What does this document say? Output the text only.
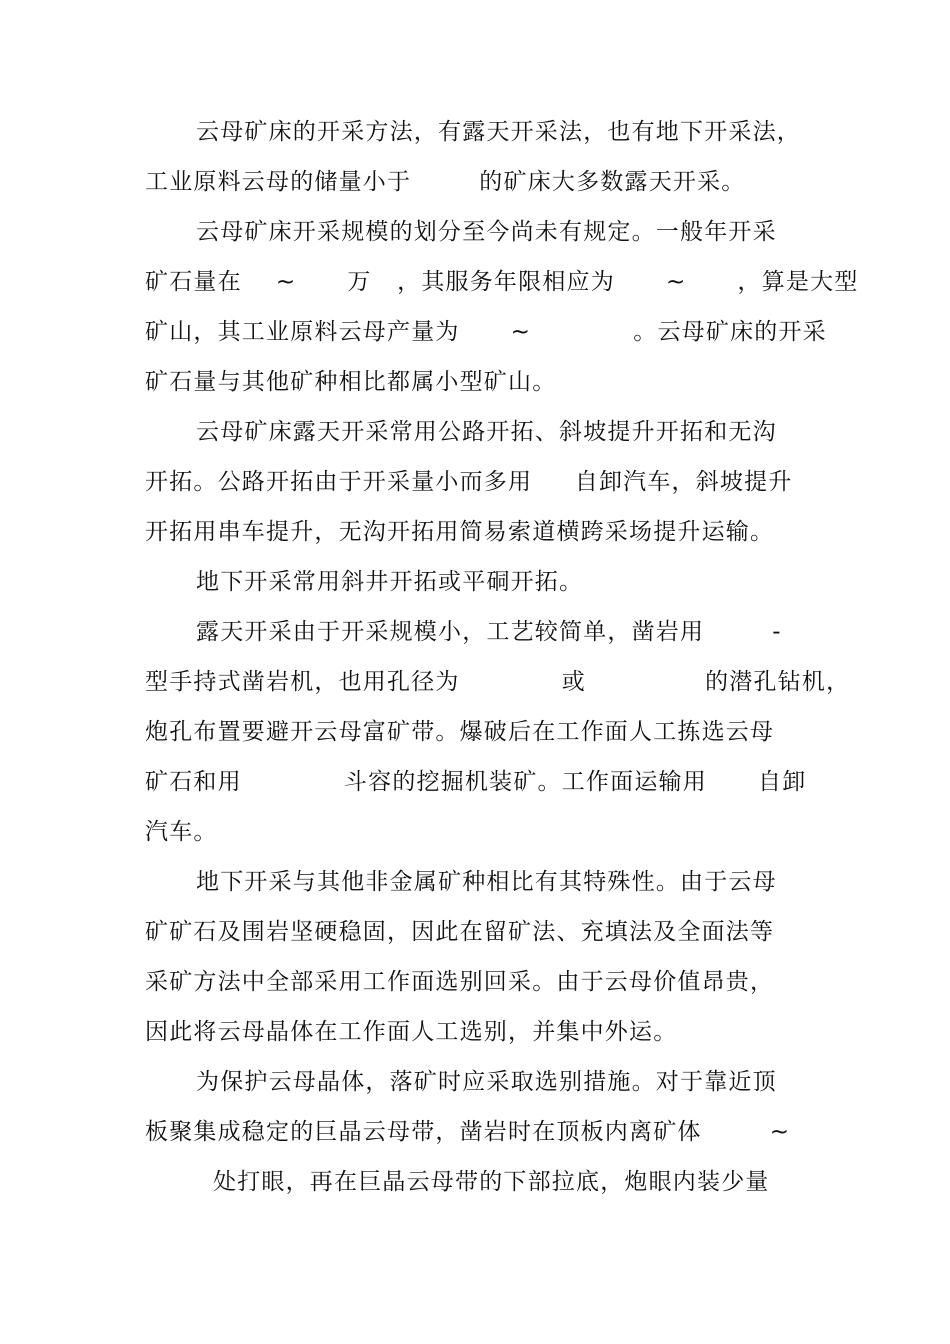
云母矿床的开采方法，有露天开采法，也有地下开采法，
工业原料云母的储量小于        的矿床大多数露天开采。
云母矿床开采规模的划分至今尚未有规定。一般年开采
矿石量在    ~      万   ，其服务年限相应为      ~      ，算是大型
矿山，其工业原料云母产量为      ~            。云母矿床的开采
矿石量与其他矿种相比都属小型矿山。
云母矿床露天开采常用公路开拓、斜坡提升开拓和无沟
开拓。公路开拓由于开采量小而多用     自卸汽车，斜坡提升
开拓用串车提升，无沟开拓用简易索道横跨采场提升运输。
地下开采常用斜井开拓或平硐开拓。
露天开采由于开采规模小，工艺较简单，凿岩用        -
型手持式凿岩机，也用孔径为            或              的潜孔钻机，
炮孔布置要避开云母富矿带。爆破后在工作面人工拣选云母
矿石和用            斗容的挖掘机装矿。工作面运输用      自卸
汽车。
地下开采与其他非金属矿种相比有其特殊性。由于云母
矿矿石及围岩坚硬稳固，因此在留矿法、充填法及全面法等
采矿方法中全部采用工作面选别回采。由于云母价值昂贵，
因此将云母晶体在工作面人工选别，并集中外运。
为保护云母晶体，落矿时应采取选别措施。对于靠近顶
板聚集成稳定的巨晶云母带，凿岩时在顶板内离矿体        ~
处打眼，再在巨晶云母带的下部拉底，炮眼内装少量
